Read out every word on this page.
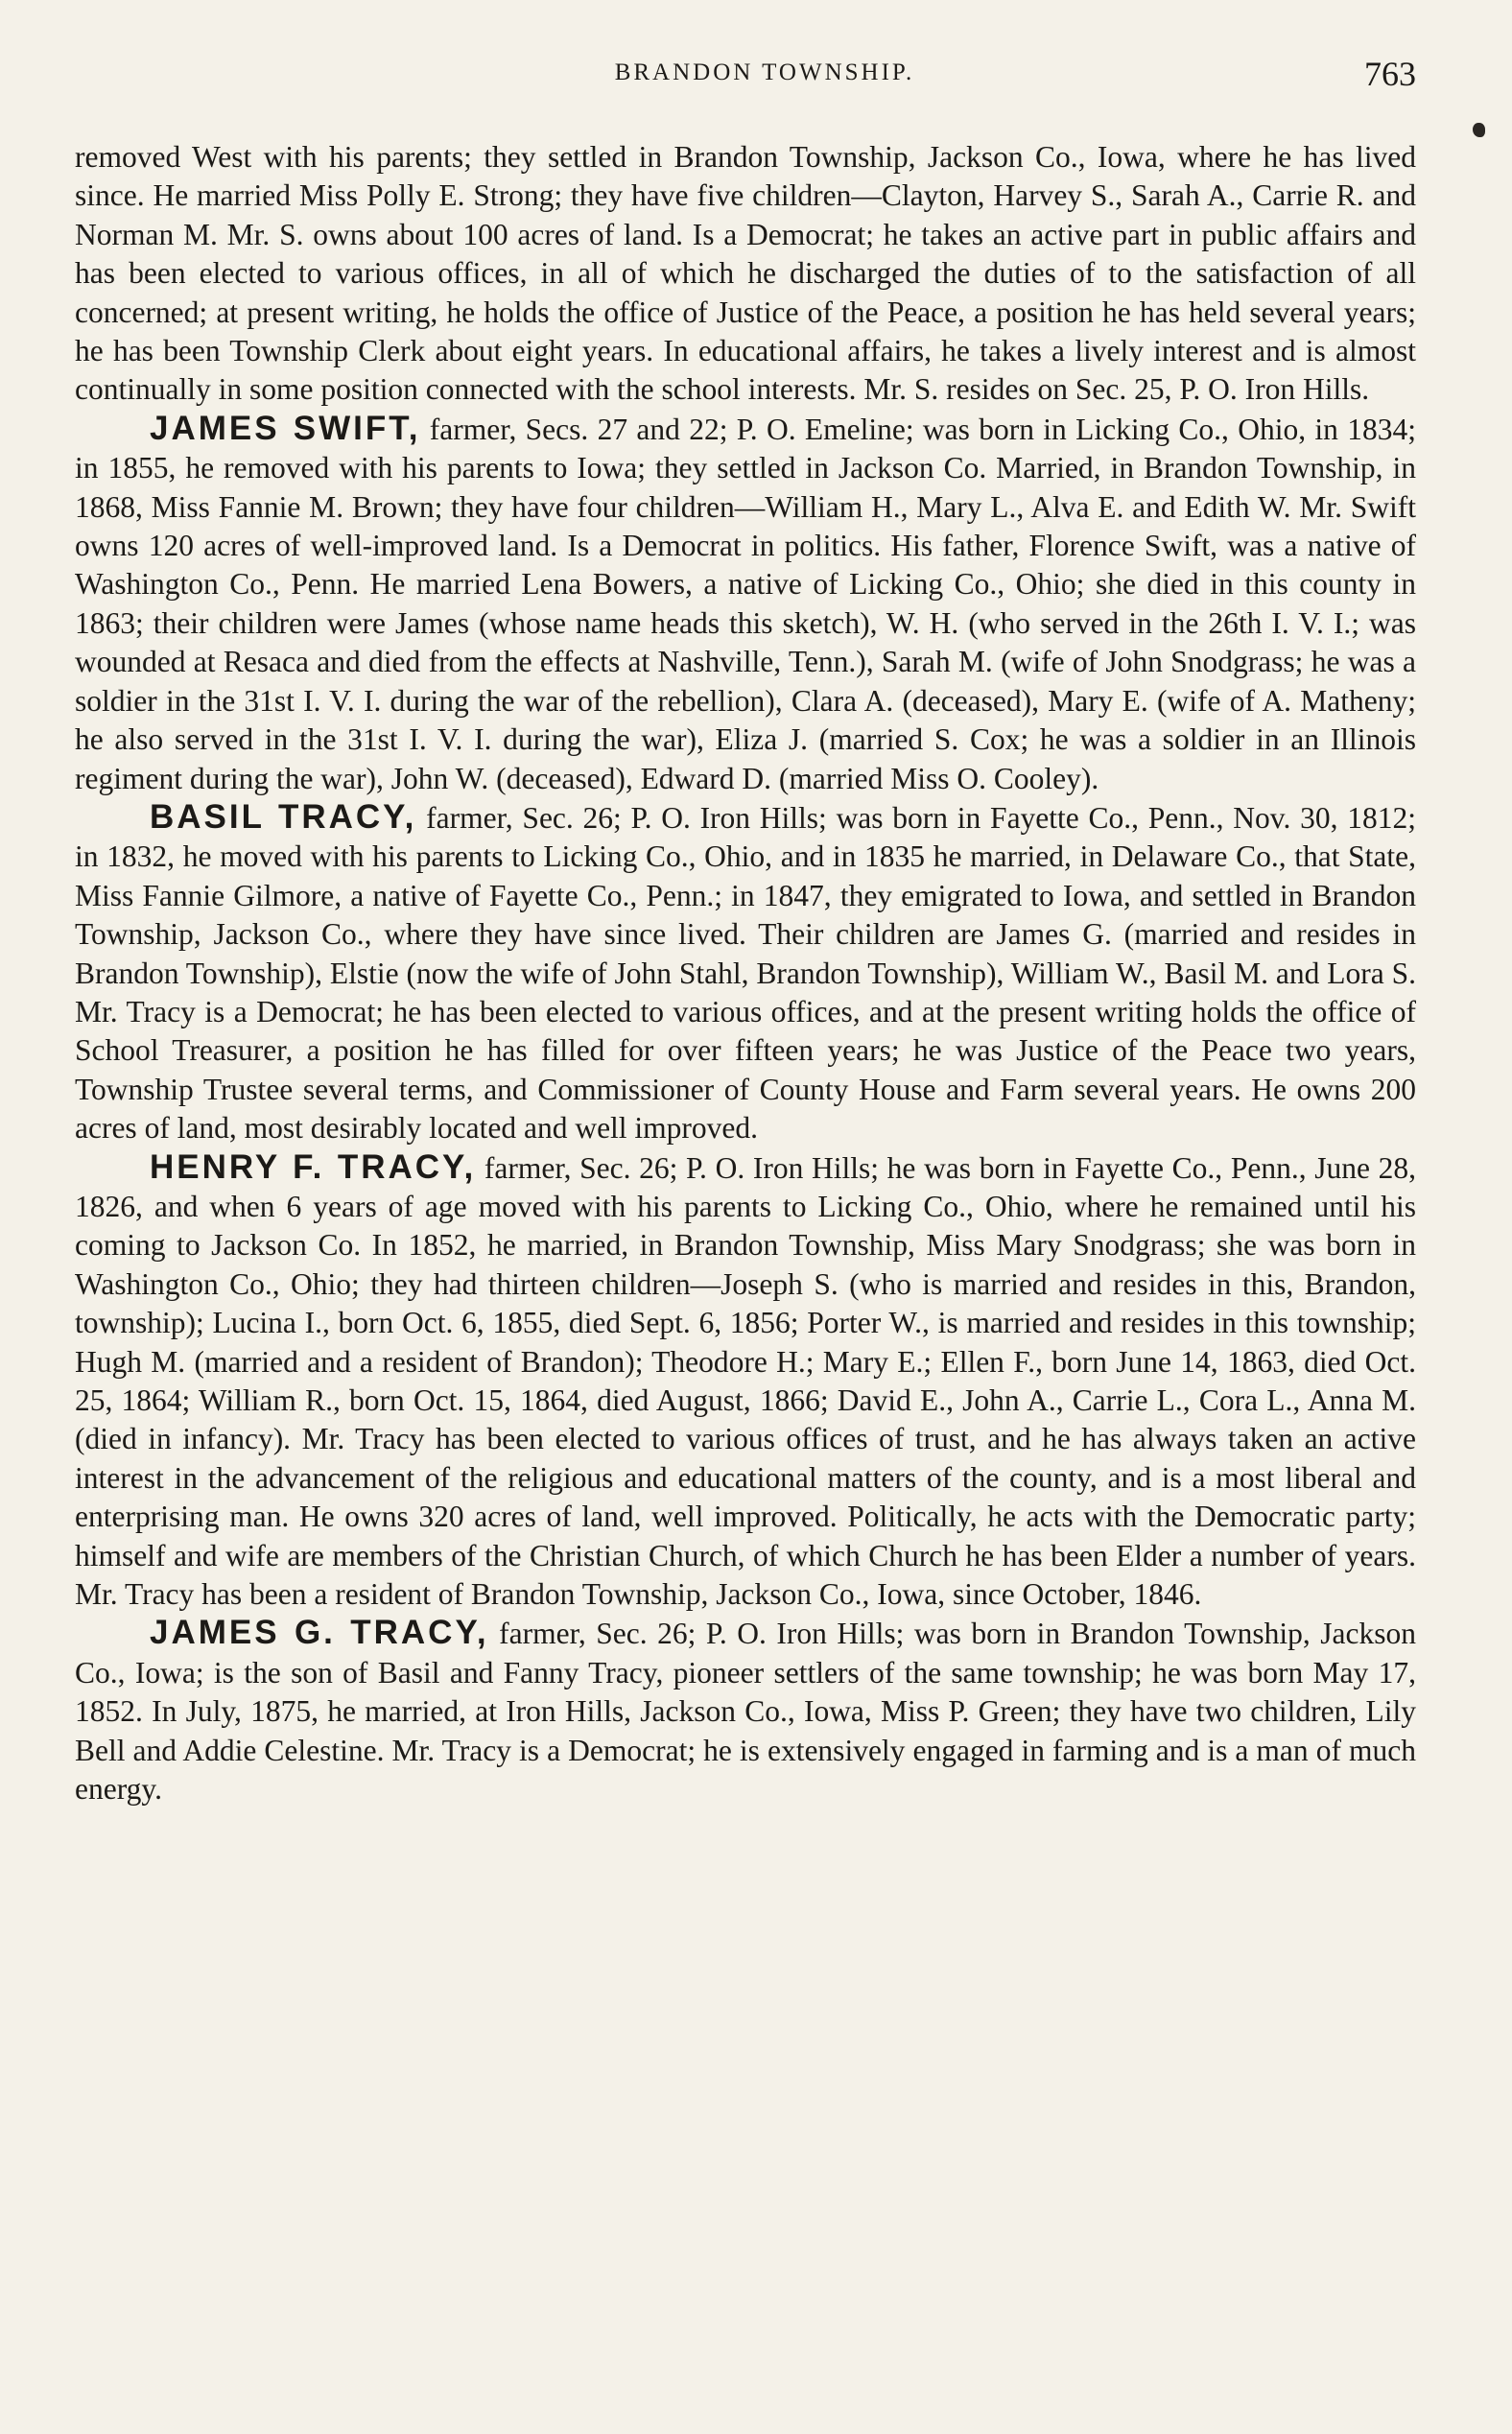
BRANDON TOWNSHIP.	763

removed West with his parents; they settled in Brandon Township, Jackson Co., Iowa, where he has lived since. He married Miss Polly E. Strong; they have five children—Clayton, Harvey S., Sarah A., Carrie R. and Norman M. Mr. S. owns about 100 acres of land. Is a Democrat; he takes an active part in public affairs and has been elected to various offices, in all of which he discharged the duties of to the satisfaction of all concerned; at present writing, he holds the office of Justice of the Peace, a position he has held several years; he has been Township Clerk about eight years. In educational affairs, he takes a lively interest and is almost continually in some position connected with the school interests. Mr. S. resides on Sec. 25, P. O. Iron Hills.

JAMES SWIFT, farmer, Secs. 27 and 22; P. O. Emeline; was born in Licking Co., Ohio, in 1834; in 1855, he removed with his parents to Iowa; they settled in Jackson Co. Married, in Brandon Township, in 1868, Miss Fannie M. Brown; they have four children—William H., Mary L., Alva E. and Edith W. Mr. Swift owns 120 acres of well-improved land. Is a Democrat in politics. His father, Florence Swift, was a native of Washington Co., Penn. He married Lena Bowers, a native of Licking Co., Ohio; she died in this county in 1863; their children were James (whose name heads this sketch), W. H. (who served in the 26th I. V. I.; was wounded at Resaca and died from the effects at Nashville, Tenn.), Sarah M. (wife of John Snodgrass; he was a soldier in the 31st I. V. I. during the war of the rebellion), Clara A. (deceased), Mary E. (wife of A. Matheny; he also served in the 31st I. V. I. during the war), Eliza J. (married S. Cox; he was a soldier in an Illinois regiment during the war), John W. (deceased), Edward D. (married Miss O. Cooley).

BASIL TRACY, farmer, Sec. 26; P. O. Iron Hills; was born in Fayette Co., Penn., Nov. 30, 1812; in 1832, he moved with his parents to Licking Co., Ohio, and in 1835 he married, in Delaware Co., that State, Miss Fannie Gilmore, a native of Fayette Co., Penn.; in 1847, they emigrated to Iowa, and settled in Brandon Township, Jackson Co., where they have since lived. Their children are James G. (married and resides in Brandon Township), Elstie (now the wife of John Stahl, Brandon Township), William W., Basil M. and Lora S. Mr. Tracy is a Democrat; he has been elected to various offices, and at the present writing holds the office of School Treasurer, a position he has filled for over fifteen years; he was Justice of the Peace two years, Township Trustee several terms, and Commissioner of County House and Farm several years. He owns 200 acres of land, most desirably located and well improved.

HENRY F. TRACY, farmer, Sec. 26; P. O. Iron Hills; he was born in Fayette Co., Penn., June 28, 1826, and when 6 years of age moved with his parents to Licking Co., Ohio, where he remained until his coming to Jackson Co. In 1852, he married, in Brandon Township, Miss Mary Snodgrass; she was born in Washington Co., Ohio; they had thirteen children—Joseph S. (who is married and resides in this, Brandon, township); Lucina I., born Oct. 6, 1855, died Sept. 6, 1856; Porter W., is married and resides in this township; Hugh M. (married and a resident of Brandon); Theodore H.; Mary E.; Ellen F., born June 14, 1863, died Oct. 25, 1864; William R., born Oct. 15, 1864, died August, 1866; David E., John A., Carrie L., Cora L., Anna M. (died in infancy). Mr. Tracy has been elected to various offices of trust, and he has always taken an active interest in the advancement of the religious and educational matters of the county, and is a most liberal and enterprising man. He owns 320 acres of land, well improved. Politically, he acts with the Democratic party; himself and wife are members of the Christian Church, of which Church he has been Elder a number of years. Mr. Tracy has been a resident of Brandon Township, Jackson Co., Iowa, since October, 1846.

JAMES G. TRACY, farmer, Sec. 26; P. O. Iron Hills; was born in Brandon Township, Jackson Co., Iowa; is the son of Basil and Fanny Tracy, pioneer settlers of the same township; he was born May 17, 1852. In July, 1875, he married, at Iron Hills, Jackson Co., Iowa, Miss P. Green; they have two children, Lily Bell and Addie Celestine. Mr. Tracy is a Democrat; he is extensively engaged in farming and is a man of much energy.
